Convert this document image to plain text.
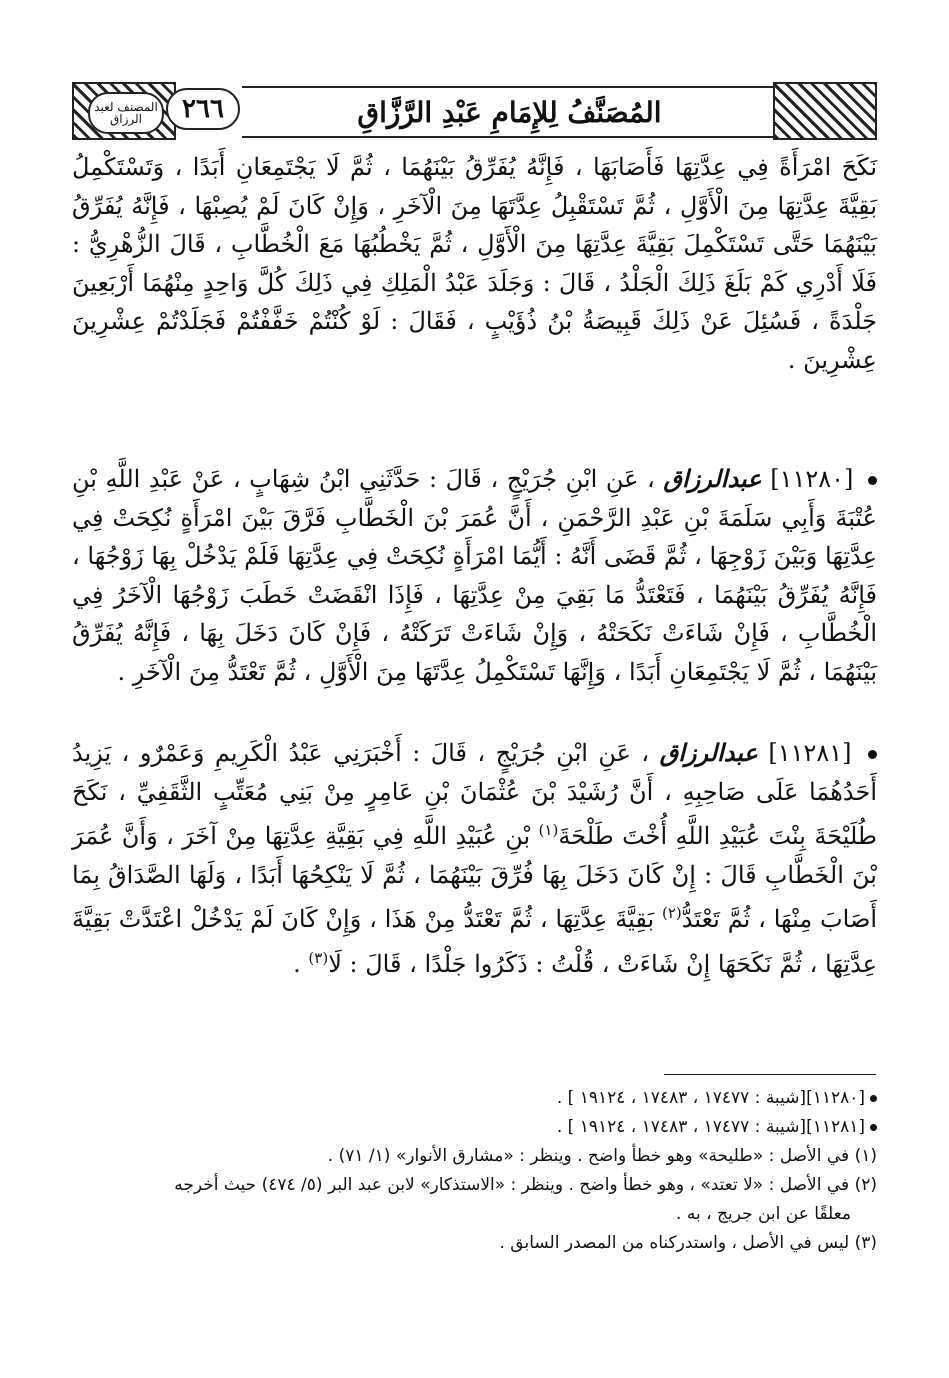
المصنف لعبد الرزاق	٢٦٦	المُصَنَّفُ لِلإِمَامِ عَبْدِ الرَّزَّاقِ
نَكَحَ امْرَأَةً فِي عِدَّتِهَا فَأَصَابَهَا ، فَإِنَّهُ يُفَرِّقُ بَيْنَهُمَا ، ثُمَّ لَا يَجْتَمِعَانِ أَبَدًا ، وَتَسْتَكْمِلُ بَقِيَّةَ عِدَّتِهَا مِنَ الْأَوَّلِ ، ثُمَّ تَسْتَقْبِلُ عِدَّتَهَا مِنَ الْآخَرِ ، وَإِنْ كَانَ لَمْ يُصِبْهَا ، فَإِنَّهُ يُفَرِّقُ بَيْنَهُمَا حَتَّى تَسْتَكْمِلَ بَقِيَّةَ عِدَّتِهَا مِنَ الْأَوَّلِ ، ثُمَّ يَخْطُبُهَا مَعَ الْخُطَّابِ ، قَالَ الزُّهْرِيُّ : فَلَا أَدْرِي كَمْ بَلَغَ ذَلِكَ الْجَلْدُ ، قَالَ : وَجَلَدَ عَبْدُ الْمَلِكِ فِي ذَلِكَ كُلَّ وَاحِدٍ مِنْهُمَا أَرْبَعِينَ جَلْدَةً ، فَسُئِلَ عَنْ ذَلِكَ قَبِيصَةُ بْنُ ذُؤَيْبٍ ، فَقَالَ : لَوْ كُنْتُمْ خَفَّفْتُمْ فَجَلَدْتُمْ عِشْرِينَ عِشْرِينَ .
[١١٢٨٠] عبدالرزاق ، عَنِ ابْنِ جُرَيْجٍ ، قَالَ : حَدَّثَنِي ابْنُ شِهَابٍ ، عَنْ عَبْدِ اللَّهِ بْنِ عُتْبَةَ وَأَبِي سَلَمَةَ بْنِ عَبْدِ الرَّحْمَنِ ، أَنَّ عُمَرَ بْنَ الْخَطَّابِ فَرَّقَ بَيْنَ امْرَأَةٍ نُكِحَتْ فِي عِدَّتِهَا وَبَيْنَ زَوْجِهَا ، ثُمَّ قَضَى أَنَّهُ : أَيُّمَا امْرَأَةٍ نُكِحَتْ فِي عِدَّتِهَا فَلَمْ يَدْخُلْ بِهَا زَوْجُهَا ، فَإِنَّهُ يُفَرِّقُ بَيْنَهُمَا ، فَتَعْتَدُّ مَا بَقِيَ مِنْ عِدَّتِهَا ، فَإِذَا انْقَضَتْ خَطَبَ زَوْجُهَا الْآخَرُ فِي الْخُطَّابِ ، فَإِنْ شَاءَتْ نَكَحَتْهُ ، وَإِنْ شَاءَتْ تَرَكَتْهُ ، فَإِنْ كَانَ دَخَلَ بِهَا ، فَإِنَّهُ يُفَرِّقُ بَيْنَهُمَا ، ثُمَّ لَا يَجْتَمِعَانِ أَبَدًا ، وَإِنَّهَا تَسْتَكْمِلُ عِدَّتَهَا مِنَ الْأَوَّلِ ، ثُمَّ تَعْتَدُّ مِنَ الْآخَرِ .
[١١٢٨١] عبدالرزاق ، عَنِ ابْنِ جُرَيْجٍ ، قَالَ : أَخْبَرَنِي عَبْدُ الْكَرِيمِ وَعَمْرٌو ، يَزِيدُ أَحَدُهُمَا عَلَى صَاحِبِهِ ، أَنَّ رُشَيْدَ بْنَ عُثْمَانَ بْنِ عَامِرٍ مِنْ بَنِي مُعَتِّبٍ الثَّقَفِيِّ ، نَكَحَ طُلَيْحَةَ بِنْتَ عُبَيْدِ اللَّهِ أُخْتَ طَلْحَةَ$^{(١)}$ بْنِ عُبَيْدِ اللَّهِ فِي بَقِيَّةِ عِدَّتِهَا مِنْ آخَرَ ، وَأَنَّ عُمَرَ بْنَ الْخَطَّابِ قَالَ : إِنْ كَانَ دَخَلَ بِهَا فُرِّقَ بَيْنَهُمَا ، ثُمَّ لَا يَنْكِحُهَا أَبَدًا ، وَلَهَا الصَّدَاقُ بِمَا أَصَابَ مِنْهَا ، ثُمَّ تَعْتَدُّ$^{(٢)}$ بَقِيَّةَ عِدَّتِهَا ، ثُمَّ تَعْتَدُّ مِنْ هَذَا ، وَإِنْ كَانَ لَمْ يَدْخُلْ اعْتَدَّتْ بَقِيَّةَ عِدَّتِهَا ، ثُمَّ نَكَحَهَا إِنْ شَاءَتْ ، قُلْتُ : ذَكَرُوا جَلْدًا ، قَالَ : لَا$^{(٣)}$ .
[١١٢٨٠][شيبة : ١٧٤٧٧ ، ١٧٤٨٣ ، ١٩١٢٤ ] .
[١١٢٨١][شيبة : ١٧٤٧٧ ، ١٧٤٨٣ ، ١٩١٢٤ ] .
(١) في الأصل : «طليحة» وهو خطأ واضح . وينظر : «مشارق الأنوار» (١/ ٧١) .
(٢) في الأصل : «لا تعتد» ، وهو خطأ واضح . وينظر : «الاستذكار» لابن عبد البر (٥/ ٤٧٤) حيث أخرجه
معلقًا عن ابن جريج ، به .
(٣) ليس في الأصل ، واستدركناه من المصدر السابق .
